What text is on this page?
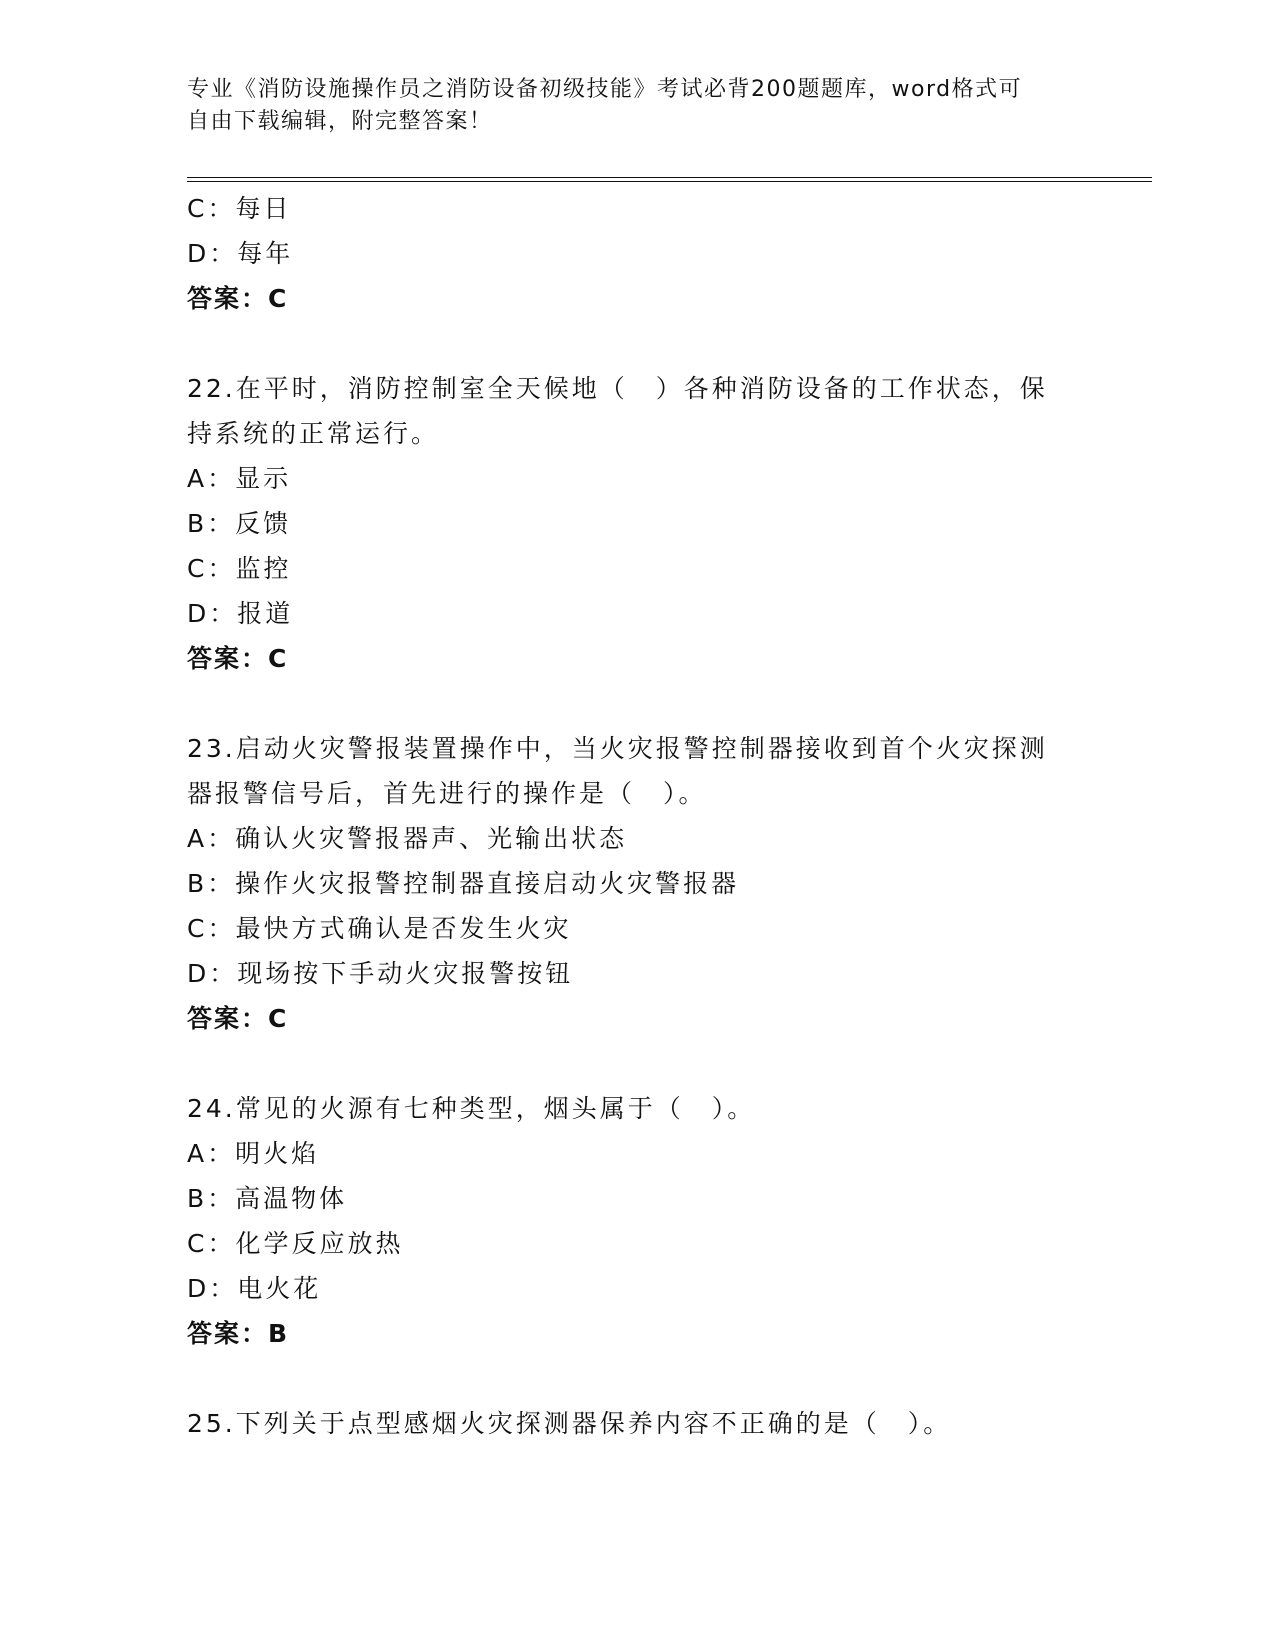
专业《消防设施操作员之消防设备初级技能》考试必背200题题库，word格式可
自由下载编辑，附完整答案！
C：每日
D：每年
答案：C
22.在平时，消防控制室全天候地（　）各种消防设备的工作状态，保
持系统的正常运行。
A：显示
B：反馈
C：监控
D：报道
答案：C
23.启动火灾警报装置操作中，当火灾报警控制器接收到首个火灾探测
器报警信号后，首先进行的操作是（　）。
A：确认火灾警报器声、光输出状态
B：操作火灾报警控制器直接启动火灾警报器
C：最快方式确认是否发生火灾
D：现场按下手动火灾报警按钮
答案：C
24.常见的火源有七种类型，烟头属于（　）。
A：明火焰
B：高温物体
C：化学反应放热
D：电火花
答案：B
25.下列关于点型感烟火灾探测器保养内容不正确的是（　）。
